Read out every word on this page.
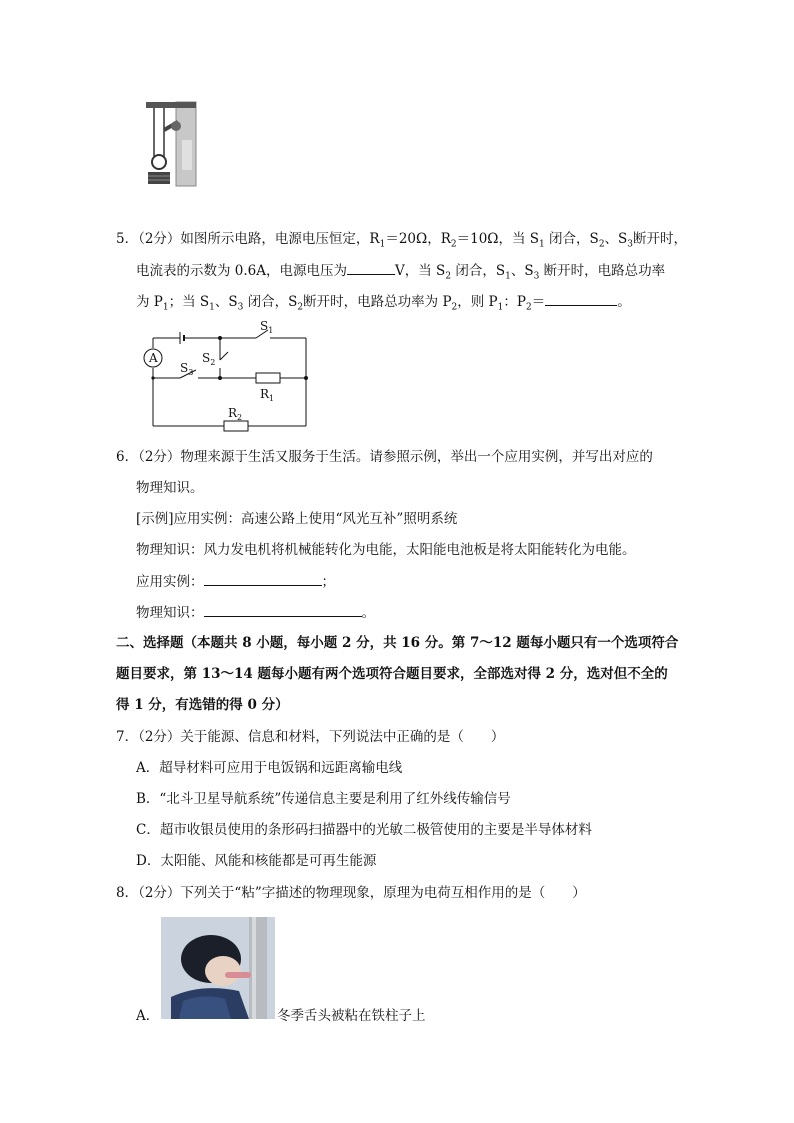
5．（2分）如图所示电路，电源电压恒定，$R_1=20\Omega$，$R_2=10\Omega$，当 $S_1$ 闭合，$S_2$、$S_3$断开时，
电流表的示数为 0.6A，电源电压为	V，当 $S_2$ 闭合，$S_1$、$S_3$ 断开时，电路总功率
为 $P_1$；当 $S_1$、$S_3$ 闭合，$S_2$断开时，电路总功率为 $P_2$，则 $P_1$：$P_2=$	。
A
$S_1$
$S_2$
$S_3$
$R_1$
$R_2$
6．（2分）物理来源于生活又服务于生活。请参照示例，举出一个应用实例，并写出对应的
物理知识。
[示例]应用实例：高速公路上使用“风光互补”照明系统
物理知识：风力发电机将机械能转化为电能，太阳能电池板是将太阳能转化为电能。
应用实例：	；
物理知识：	。
二、选择题（本题共 8 小题，每小题 2 分，共 16 分。第 7～12 题每小题只有一个选项符合
题目要求，第 13～14 题每小题有两个选项符合题目要求，全部选对得 2 分，选对但不全的
得 1 分，有选错的得 0 分）
7．（2分）关于能源、信息和材料，下列说法中正确的是（　　）
A．超导材料可应用于电饭锅和远距离输电线
B．“北斗卫星导航系统”传递信息主要是利用了红外线传输信号
C．超市收银员使用的条形码扫描器中的光敏二极管使用的主要是半导体材料
D．太阳能、风能和核能都是可再生能源
8．（2分）下列关于“粘”字描述的物理现象，原理为电荷互相作用的是（　　）
A．	冬季舌头被粘在铁柱子上
